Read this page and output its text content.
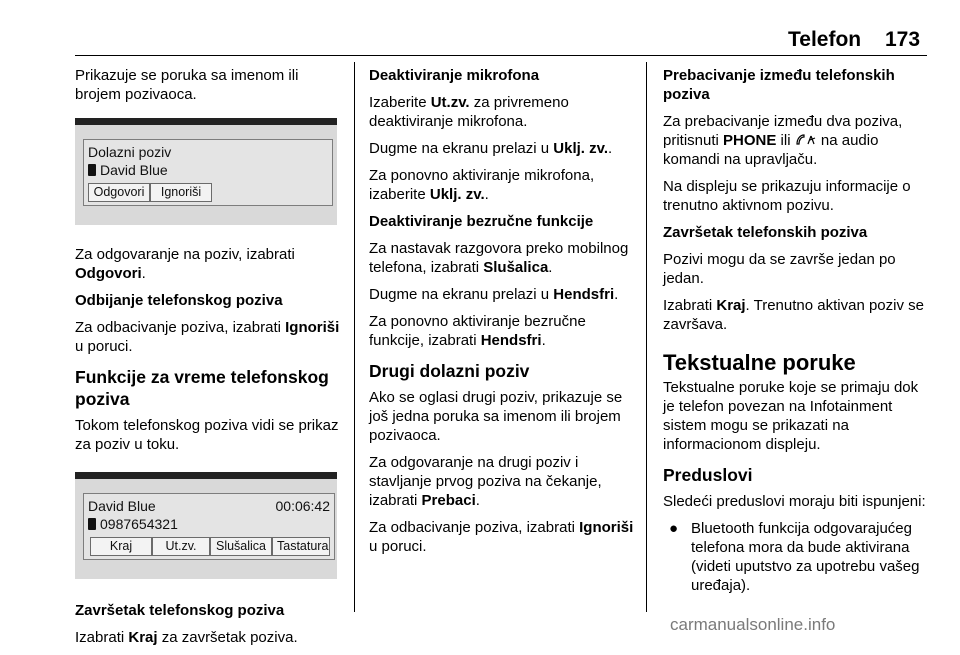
Telefon 173

Prikazuje se poruka sa imenom ili brojem pozivaoca.

Dolazni poziv
David Blue
Odgovori	Ignoriši

Za odgovaranje na poziv, izabrati Odgovori.

Odbijanje telefonskog poziva

Za odbacivanje poziva, izabrati Ignoriši u poruci.

Funkcije za vreme telefonskog poziva

Tokom telefonskog poziva vidi se prikaz za poziv u toku.

David Blue	00:06:42
0987654321
Kraj	Ut.zv.	Slušalica Tastatura

Završetak telefonskog poziva

Izabrati Kraj za završetak poziva.

Deaktiviranje mikrofona

Izaberite Ut.zv. za privremeno deaktiviranje mikrofona.

Dugme na ekranu prelazi u Uklj. zv..

Za ponovno aktiviranje mikrofona, izaberite Uklj. zv..

Deaktiviranje bezručne funkcije

Za nastavak razgovora preko mobilnog telefona, izabrati Slušalica.

Dugme na ekranu prelazi u Hendsfri.

Za ponovno aktiviranje bezručne funkcije, izabrati Hendsfri.

Drugi dolazni poziv

Ako se oglasi drugi poziv, prikazuje se još jedna poruka sa imenom ili brojem pozivaoca.

Za odgovaranje na drugi poziv i stavljanje prvog poziva na čekanje, izabrati Prebaci.

Za odbacivanje poziva, izabrati Ignoriši u poruci.

Prebacivanje između telefonskih poziva

Za prebacivanje između dva poziva, pritisnuti PHONE ili  na audio komandi na upravljaču.

Na displeju se prikazuju informacije o trenutno aktivnom pozivu.

Završetak telefonskih poziva

Pozivi mogu da se završe jedan po jedan.

Izabrati Kraj. Trenutno aktivan poziv se završava.

Tekstualne poruke

Tekstualne poruke koje se primaju dok je telefon povezan na Infotainment sistem mogu se prikazati na informacionom displeju.

Preduslovi

Sledeći preduslovi moraju biti ispunjeni:

● Bluetooth funkcija odgovarajućeg telefona mora da bude aktivirana (videti uputstvo za upotrebu vašeg uređaja).
carmanualsonline.info
